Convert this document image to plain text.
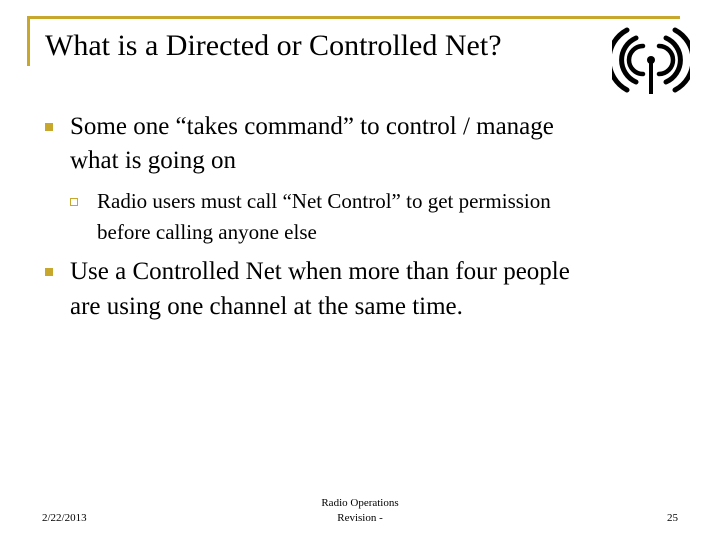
What is a Directed or Controlled Net?
Some one “takes command” to control / manage
what is going on
Radio users must call “Net Control” to get permission
before calling anyone else
Use a Controlled Net when more than four people
are using one channel at the same time.
2/22/2013
Radio Operations
Revision -	25
